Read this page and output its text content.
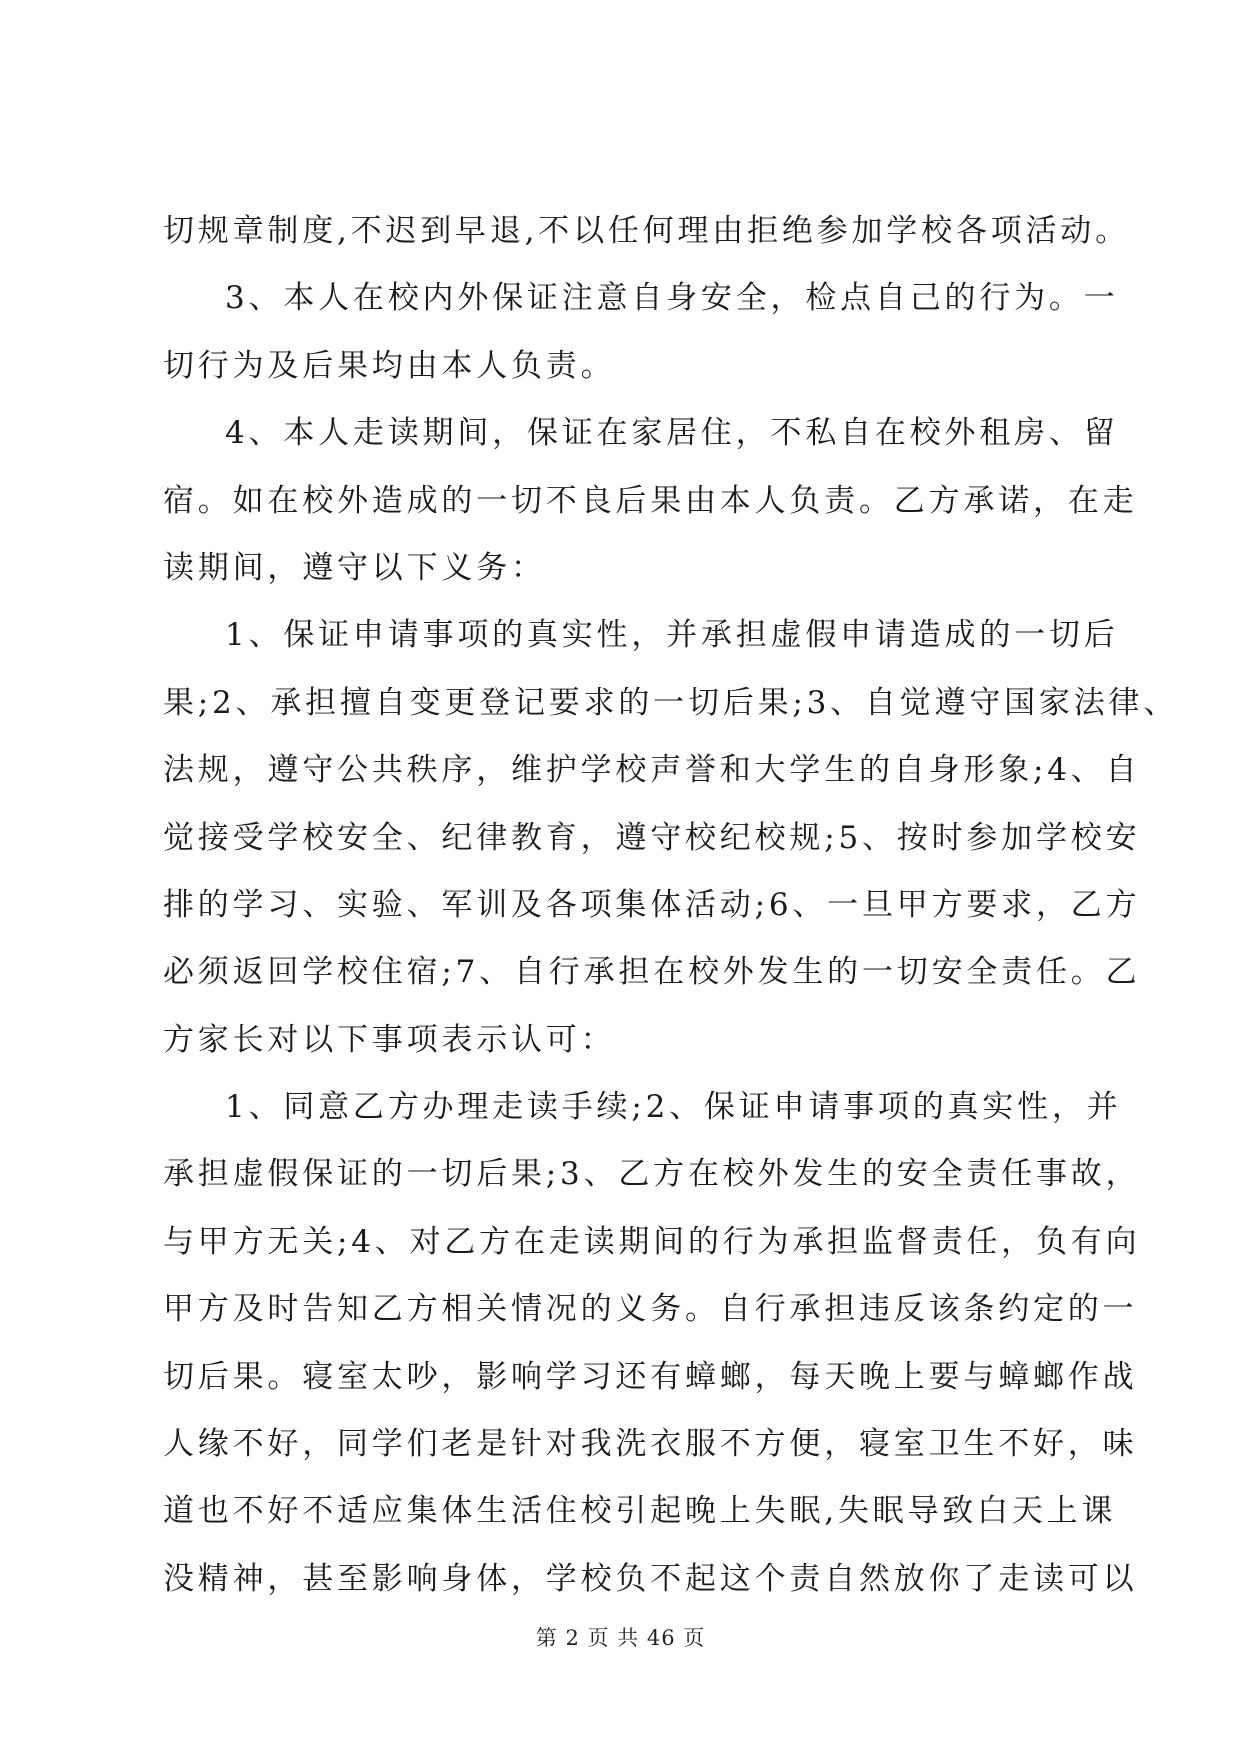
切规章制度,不迟到早退,不以任何理由拒绝参加学校各项活动。
3、本人在校内外保证注意自身安全，检点自己的行为。一
切行为及后果均由本人负责。
4、本人走读期间，保证在家居住，不私自在校外租房、留
宿。如在校外造成的一切不良后果由本人负责。乙方承诺，在走
读期间，遵守以下义务：
1、保证申请事项的真实性，并承担虚假申请造成的一切后
果;2、承担擅自变更登记要求的一切后果;3、自觉遵守国家法律、
法规，遵守公共秩序，维护学校声誉和大学生的自身形象;4、自
觉接受学校安全、纪律教育，遵守校纪校规;5、按时参加学校安
排的学习、实验、军训及各项集体活动;6、一旦甲方要求，乙方
必须返回学校住宿;7、自行承担在校外发生的一切安全责任。乙
方家长对以下事项表示认可：
1、同意乙方办理走读手续;2、保证申请事项的真实性，并
承担虚假保证的一切后果;3、乙方在校外发生的安全责任事故，
与甲方无关;4、对乙方在走读期间的行为承担监督责任，负有向
甲方及时告知乙方相关情况的义务。自行承担违反该条约定的一
切后果。寝室太吵，影响学习还有蟑螂，每天晚上要与蟑螂作战
人缘不好，同学们老是针对我洗衣服不方便，寝室卫生不好，味
道也不好不适应集体生活住校引起晚上失眠,失眠导致白天上课
没精神，甚至影响身体，学校负不起这个责自然放你了走读可以
第 2 页 共 46 页
